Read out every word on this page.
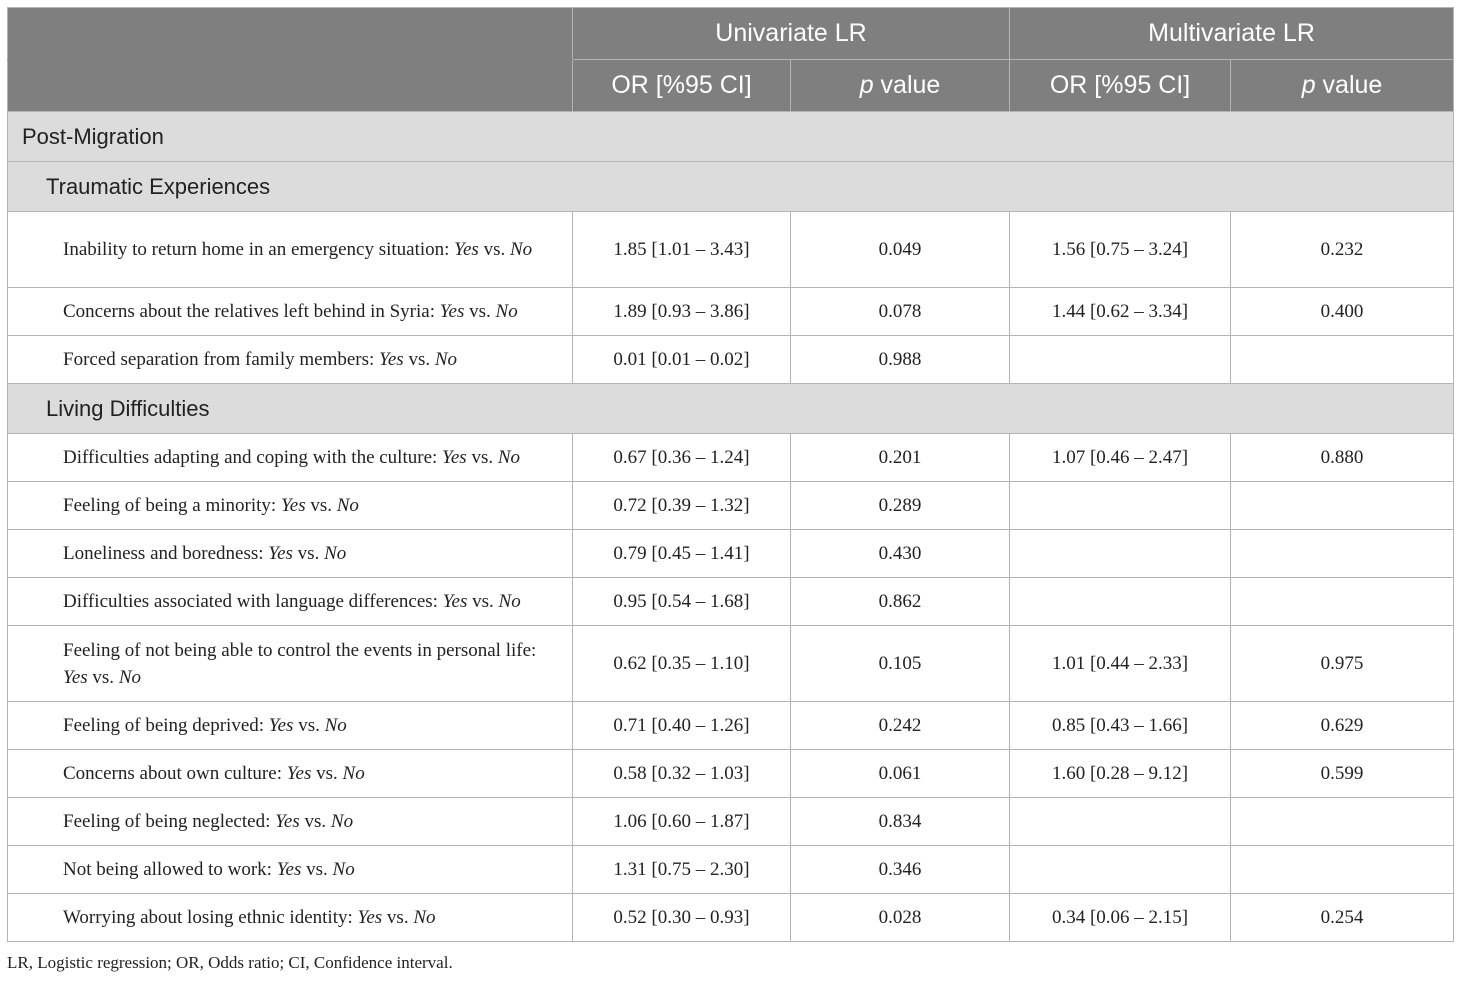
	Univariate LR		Multivariate LR	
	OR [%95 CI]	p value	OR [%95 CI]	p value
Post-Migration				
Traumatic Experiences				
Inability to return home in an emergency situation: Yes vs. No	1.85 [1.01 – 3.43]	0.049	1.56 [0.75 – 3.24]	0.232
Concerns about the relatives left behind in Syria: Yes vs. No	1.89 [0.93 – 3.86]	0.078	1.44 [0.62 – 3.34]	0.400
Forced separation from family members: Yes vs. No	0.01 [0.01 – 0.02]	0.988		
Living Difficulties				
Difficulties adapting and coping with the culture: Yes vs. No	0.67 [0.36 – 1.24]	0.201	1.07 [0.46 – 2.47]	0.880
Feeling of being a minority: Yes vs. No	0.72 [0.39 – 1.32]	0.289		
Loneliness and boredness: Yes vs. No	0.79 [0.45 – 1.41]	0.430		
Difficulties associated with language differences: Yes vs. No	0.95 [0.54 – 1.68]	0.862		
Feeling of not being able to control the events in personal life: Yes vs. No	0.62 [0.35 – 1.10]	0.105	1.01 [0.44 – 2.33]	0.975
Feeling of being deprived: Yes vs. No	0.71 [0.40 – 1.26]	0.242	0.85 [0.43 – 1.66]	0.629
Concerns about own culture: Yes vs. No	0.58 [0.32 – 1.03]	0.061	1.60 [0.28 – 9.12]	0.599
Feeling of being neglected: Yes vs. No	1.06 [0.60 – 1.87]	0.834		
Not being allowed to work: Yes vs. No	1.31 [0.75 – 2.30]	0.346		
Worrying about losing ethnic identity: Yes vs. No	0.52 [0.30 – 0.93]	0.028	0.34 [0.06 – 2.15]	0.254
LR, Logistic regression; OR, Odds ratio; CI, Confidence interval.
